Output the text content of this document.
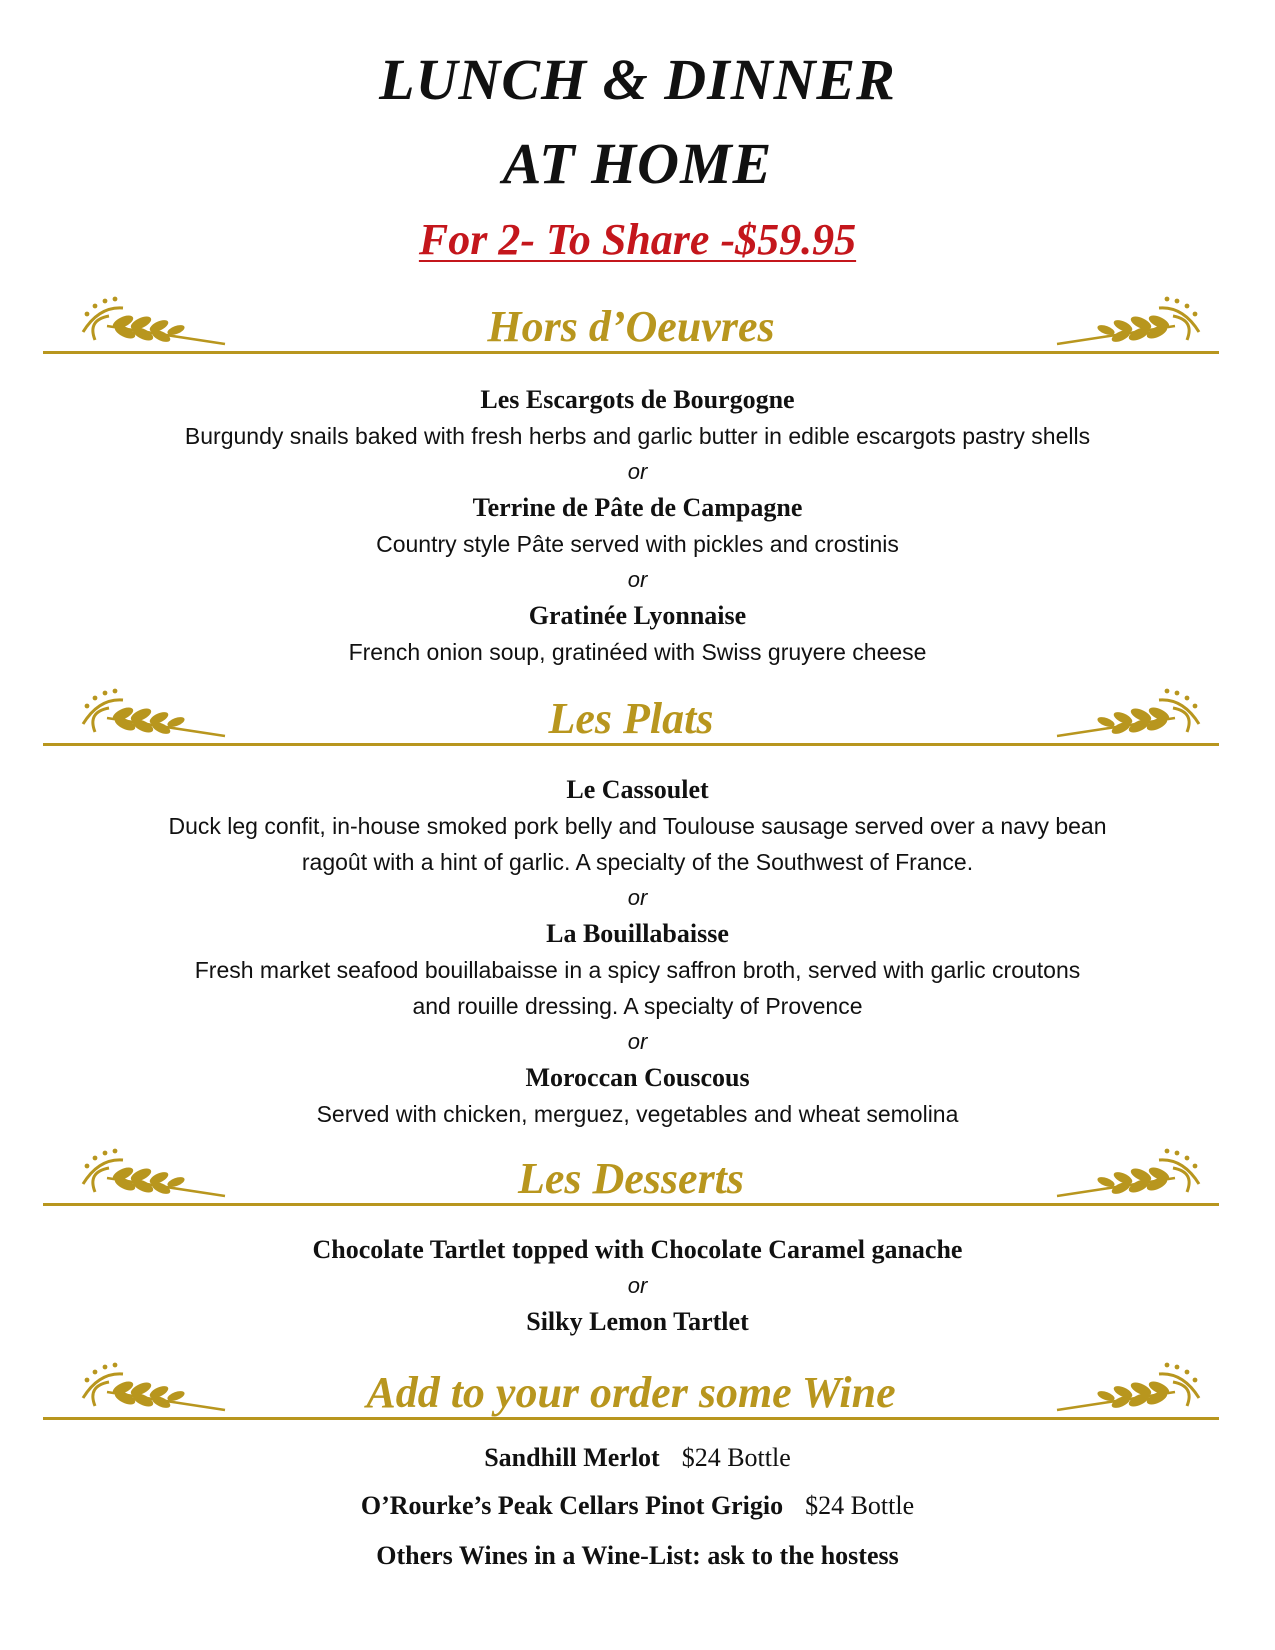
LUNCH & DINNER
AT HOME
For 2- To Share -$59.95
Hors d’Oeuvres
Les Escargots de Bourgogne
Burgundy snails baked with fresh herbs and garlic butter in edible escargots pastry shells
or
Terrine de Pâte de Campagne
Country style Pâte served with pickles and crostinis
or
Gratinée Lyonnaise
French onion soup, gratinéed with Swiss gruyere cheese
Les Plats
Le Cassoulet
Duck leg confit, in-house smoked pork belly and Toulouse sausage served over a navy bean
ragoût with a hint of garlic. A specialty of the Southwest of France.
or
La Bouillabaisse
Fresh market seafood bouillabaisse in a spicy saffron broth, served with garlic croutons
and rouille dressing. A specialty of Provence
or
Moroccan Couscous
Served with chicken, merguez, vegetables and wheat semolina
Les Desserts
Chocolate Tartlet topped with Chocolate Caramel ganache
or
Silky Lemon Tartlet
Add to your order some Wine
Sandhill Merlot $24 Bottle
O’Rourke’s Peak Cellars Pinot Grigio $24 Bottle
Others Wines in a Wine-List: ask to the hostess
